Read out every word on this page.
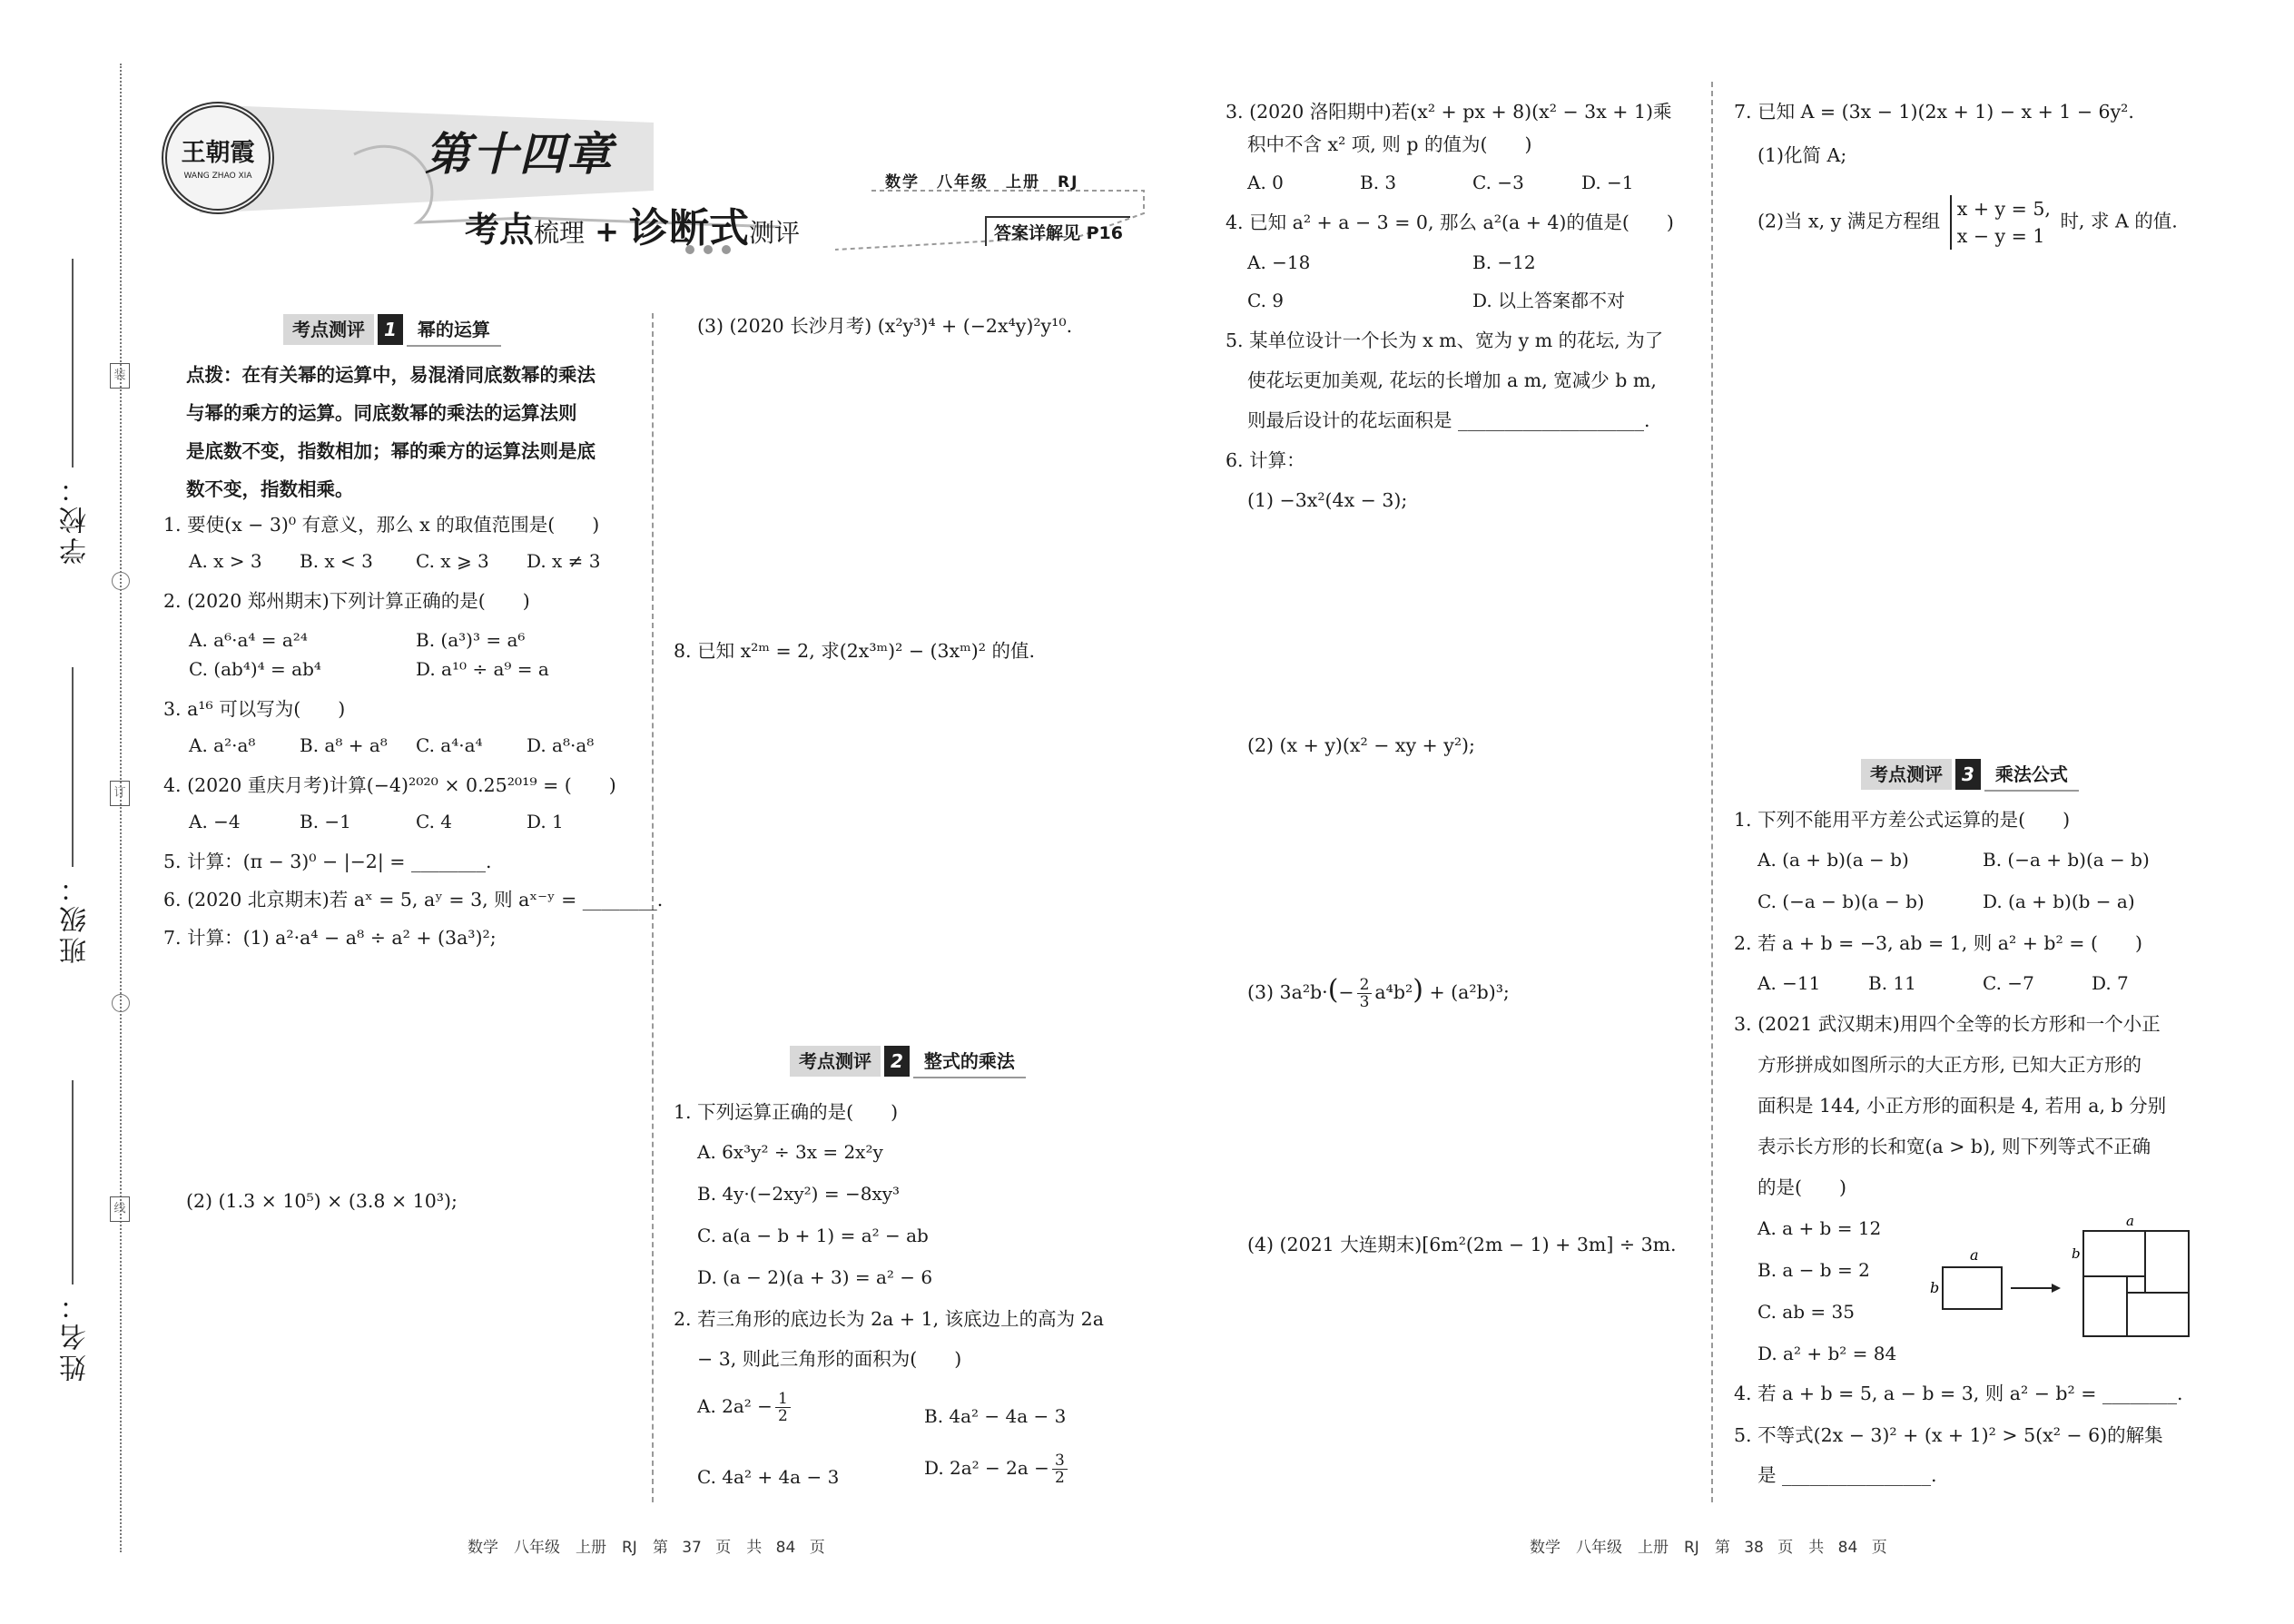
学校：
班级：
姓名：
装
订
线
王朝霞
WANG ZHAO XIA	第十四章
考点梳理 + 诊断式测评
数学　八年级　上册　RJ
答案详解见 P16
考点测评 1 幂的运算
点拨：在有关幂的运算中，易混淆同底数幂的乘法
与幂的乘方的运算。同底数幂的乘法的运算法则
是底数不变，指数相加；幂的乘方的运算法则是底
数不变，指数相乘。
1. 要使(x − 3)⁰ 有意义，那么 x 的取值范围是(　　)
A. x > 3 B. x < 3 C. x ⩾ 3 D. x ≠ 3
2. (2020 郑州期末)下列计算正确的是(　　)
A. a⁶·a⁴ = a²⁴	B. (a³)³ = a⁶
C. (ab⁴)⁴ = ab⁴	D. a¹⁰ ÷ a⁹ = a
3. a¹⁶ 可以写为(　　)
A. a²·a⁸ B. a⁸ + a⁸ C. a⁴·a⁴ D. a⁸·a⁸
4. (2020 重庆月考)计算(−4)²⁰²⁰ × 0.25²⁰¹⁹ = (　　)
A. −4	B. −1	C. 4	D. 1
5. 计算：(π − 3)⁰ − |−2| = ________.
6. (2020 北京期末)若 aˣ = 5, aʸ = 3, 则 aˣ⁻ʸ = ________.
7. 计算：(1) a²·a⁴ − a⁸ ÷ a² + (3a³)²;
(2) (1.3 × 10⁵) × (3.8 × 10³);
(3) (2020 长沙月考) (x²y³)⁴ + (−2x⁴y)²y¹⁰.
8. 已知 x²ᵐ = 2, 求(2x³ᵐ)² − (3xᵐ)² 的值.
考点测评 2 整式的乘法
1. 下列运算正确的是(　　)
A. 6x³y² ÷ 3x = 2x²y
B. 4y·(−2xy²) = −8xy³
C. a(a − b + 1) = a² − ab
D. (a − 2)(a + 3) = a² − 6
2. 若三角形的底边长为 2a + 1, 该底边上的高为 2a
− 3, 则此三角形的面积为(　　)
A. $2a^2 - \frac{1}{2}$	B. 4a² − 4a − 3
C. 4a² + 4a − 3	D. $2a^2 - 2a - \frac{3}{2}$
3. (2020 洛阳期中)若(x² + px + 8)(x² − 3x + 1)乘
积中不含 x² 项, 则 p 的值为(　　)
A. 0	B. 3	C. −3	D. −1
4. 已知 a² + a − 3 = 0, 那么 a²(a + 4)的值是(　　)
A. −18	B. −12
C. 9	D. 以上答案都不对
5. 某单位设计一个长为 x m、宽为 y m 的花坛, 为了
使花坛更加美观, 花坛的长增加 a m, 宽减少 b m,
则最后设计的花坛面积是 ____________________.
6. 计算：
(1) −3x²(4x − 3);
(2) (x + y)(x² − xy + y²);
(3) $3a^2b\cdot(- \frac{2}{3} a^4b^2) + (a^2b)^3$;
(4) (2021 大连期末)[6m²(2m − 1) + 3m] ÷ 3m.
7. 已知 A = (3x − 1)(2x + 1) − x + 1 − 6y².
(1)化简 A;
(2)当 x, y 满足方程组
x + y = 5,
x − y = 1
时, 求 A 的值.
考点测评 3 乘法公式
1. 下列不能用平方差公式运算的是(　　)
A. (a + b)(a − b)	B. (−a + b)(a − b)
C. (−a − b)(a − b)	D. (a + b)(b − a)
2. 若 a + b = −3, ab = 1, 则 a² + b² = (　　)
A. −11	B. 11	C. −7	D. 7
3. (2021 武汉期末)用四个全等的长方形和一个小正
方形拼成如图所示的大正方形, 已知大正方形的
面积是 144, 小正方形的面积是 4, 若用 a, b 分别
表示长方形的长和宽(a > b), 则下列等式不正确
的是(　　)
A. a + b = 12
B. a − b = 2
C. ab = 35
D. a² + b² = 84
a
b
a
b
4. 若 a + b = 5, a − b = 3, 则 a² − b² = ________.
5. 不等式(2x − 3)² + (x + 1)² > 5(x² − 6)的解集
是 ________________.
数学　八年级　上册　RJ　第 37 页　共 84 页	数学　八年级　上册　RJ　第 38 页　共 84 页
